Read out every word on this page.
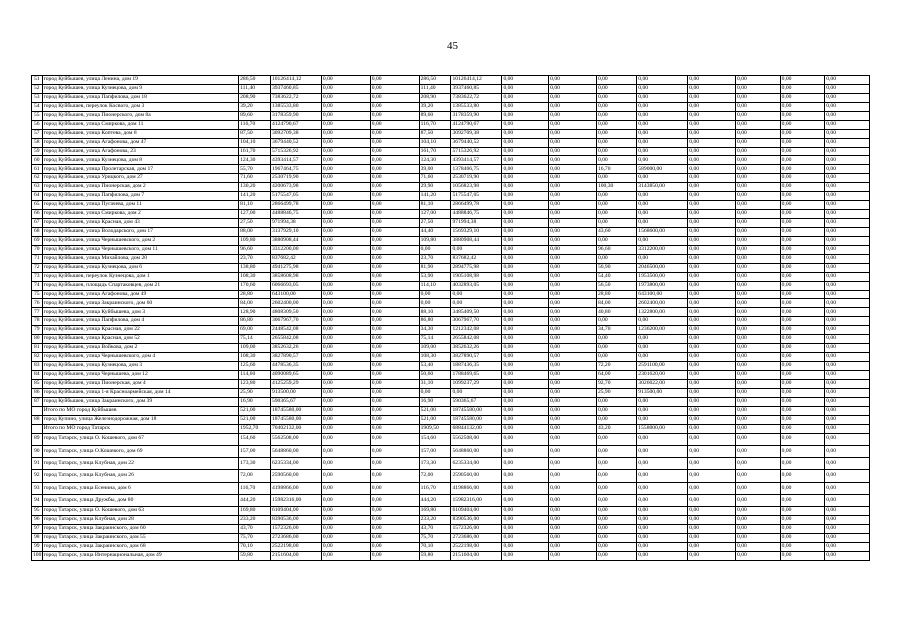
45
51	город Куйбышев, улица Ленина, дом 19	286,50	10126414,12	0,00	0,00	286,50	10126414,12	0,00	0,00	0,00	0,00	0,00	0,00	0,00	0,00
52	город Куйбышев, улица Кузнецова, дом 9	111,40	3937460,85	0,00	0,00	111,40	3937460,85	0,00	0,00	0,00	0,00	0,00	0,00	0,00	0,00
53	город Куйбышев, улица Папфилова, дом 18	208,90	7383622,72	0,00	0,00	208,90	7383622,72	0,00	0,00	0,00	0,00	0,00	0,00	0,00	0,00
54	город Куйбышев, переулок Косвого, дом 3	39,20	1385533,80	0,00	0,00	39,20	1385533,80	0,00	0,00	0,00	0,00	0,00	0,00	0,00	0,00
55	город Куйбышев, улица Пионерского, дом 8а	89,60	3178359,90	0,00	0,00	89,60	3178359,90	0,00	0,00	0,00	0,00	0,00	0,00	0,00	0,00
56	город Куйбышев, улица Смиркова, дом 11	116,70	4124790,67	0,00	0,00	116,70	4124790,67	0,00	0,00	0,00	0,00	0,00	0,00	0,00	0,00
57	город Куйбышев, улица Коптева, дом 8	87,50	3092709,38	0,00	0,00	87,50	3092709,38	0,00	0,00	0,00	0,00	0,00	0,00	0,00	0,00
58	город Куйбышев, улица Агафонова, дом 47	104,10	3679440,52	0,00	0,00	104,10	3679440,52	0,00	0,00	0,00	0,00	0,00	0,00	0,00	0,00
59	город Куйбышев, улица Агафонова, 23	161,70	5715326,92	0,00	0,00	161,70	5715326,92	0,00	0,00	0,00	0,00	0,00	0,00	0,00	0,00
60	город Куйбышев, улица Кузнецова, дом 8	124,30	4393414,57	0,00	0,00	124,30	4393414,57	0,00	0,00	0,00	0,00	0,00	0,00	0,00	0,00
61	город Куйбышев, улица Пролетарская, дом 17	55,70	1967464,75	0,00	0,00	39,00	1378466,75	0,00	0,00	16,70	589000,00	0,00	0,00	0,00	0,00
62	город Куйбышев, улица Урицкого, дом 27	71,60	2530719,90	0,00	0,00	71,60	2530719,90	0,00	0,00	0,00	0,00	0,00	0,00	0,00	0,00
63	город Куйбышев, улица Пионерская, дом 2	130,20	4200673,98	0,00	0,00	29,90	1056823,98	0,00	0,00	100,30	3143850,00	0,00	0,00	0,00	0,00
64	город Куйбышев, улица Папфилова, дом 7	141,20	5175547,05	0,00	0,00	141,20	5175547,05	0,00	0,00	0,00	0,00	0,00	0,00	0,00	0,00
65	город Куйбышев, улица Пугачева, дом 11	81,10	2866499,78	0,00	0,00	81,10	2866499,78	0,00	0,00	0,00	0,00	0,00	0,00	0,00	0,00
66	город Куйбышев, улица Смиркова, дом 2	127,00	4488846,75	0,00	0,00	127,00	4488846,75	0,00	0,00	0,00	0,00	0,00	0,00	0,00	0,00
67	город Куйбышев, улица Красная, дом 43	27,50	971994,38	0,00	0,00	27,50	971994,38	0,00	0,00	0,00	0,00	0,00	0,00	0,00	0,00
68	город Куйбышев, улица Володарского, дом 17	88,00	3137929,10	0,00	0,00	44,40	1569329,10	0,00	0,00	43,60	1568600,00	0,00	0,00	0,00	0,00
69	город Куйбышев, улица Чернышевского, дом 2	109,80	3880908,44	0,00	0,00	109,80	3880908,44	0,00	0,00	0,00	0,00	0,00	0,00	0,00	0,00
70	город Куйбышев, улица Чернышевского, дом 11	96,60	3312200,00	0,00	0,00	0,00	0,00	0,00	0,00	96,60	3312200,00	0,00	0,00	0,00	0,00
71	город Куйбышев, улица Михайлова, дом 20	23,70	837682,42	0,00	0,00	23,70	837682,42	0,00	0,00	0,00	0,00	0,00	0,00	0,00	0,00
72	город Куйбышев, улица Кузнецова, дом 6	138,80	4941275,98	0,00	0,00	81,90	2894775,98	0,00	0,00	56,90	2046500,00	0,00	0,00	0,00	0,00
73	город Куйбышев, переулок Кузнецова, дом 1	108,30	3858608,98	0,00	0,00	53,90	1905108,98	0,00	0,00	54,40	1953500,00	0,00	0,00	0,00	0,00
74	город Куйбышев, площадь Спартаковцев, дом 21	170,60	6066693,05	0,00	0,00	114,10	4032893,05	0,00	0,00	56,50	1973800,00	0,00	0,00	0,00	0,00
75	город Куйбышев, улица Агафонова, дом 49	28,80	643100,00	0,00	0,00	0,00	0,00	0,00	0,00	28,80	643100,00	0,00	0,00	0,00	0,00
76	город Куйбышев, улица Закраинского, дом 60	84,00	2602400,00	0,00	0,00	0,00	0,00	0,00	0,00	84,00	2602400,00	0,00	0,00	0,00	0,00
77	город Куйбышев, улица Куйбышева, дом 3	128,90	4808309,50	0,00	0,00	88,10	3485409,50	0,00	0,00	40,80	1322800,00	0,00	0,00	0,00	0,00
78	город Куйбышев, улица Папфилова, дом 4	86,80	3067967,70	0,00	0,00	86,80	3067967,70	0,00	0,00	0,00	0,00	0,00	0,00	0,00	0,00
79	город Куйбышев, улица Красная, дом 22	69,00	2448542,08	0,00	0,00	34,30	1212342,08	0,00	0,00	34,70	1236200,00	0,00	0,00	0,00	0,00
80	город Куйбышев, улица Красная, дом 52	75,14	2655842,08	0,00	0,00	75,14	2655842,08	0,00	0,00	0,00	0,00	0,00	0,00	0,00	0,00
81	город Куйбышев, улица Войкова, дом 2	109,00	3852632,26	0,00	0,00	109,00	3852632,26	0,00	0,00	0,00	0,00	0,00	0,00	0,00	0,00
82	город Куйбышев, улица Чернышевского, дом 4	108,30	3827890,57	0,00	0,00	108,30	3827890,57	0,00	0,00	0,00	0,00	0,00	0,00	0,00	0,00
83	город Куйбышев, улица Кузнецова, дом 3	125,60	4478536,35	0,00	0,00	53,40	1887436,35	0,00	0,00	72,20	2591100,00	0,00	0,00	0,00	0,00
84	город Куйбышев, улица Чернышева, дом 12	114,60	4090089,65	0,00	0,00	50,60	1788469,65	0,00	0,00	64,00	2301620,00	0,00	0,00	0,00	0,00
85	город Куйбышев, улица Пионерская, дом 4	123,80	4125259,29	0,00	0,00	31,10	1099237,29	0,00	0,00	92,70	3026022,00	0,00	0,00	0,00	0,00
86	город Куйбышев, улица 1-я Красноармейская, дом 14	25,90	913500,00	0,00	0,00	0,00	0,00	0,00	0,00	25,90	913500,00	0,00	0,00	0,00	0,00
87	город Куйбышев, улица Закраинского, дом 39	16,90	590365,67	0,00	0,00	16,90	590365,67	0,00	0,00	0,00	0,00	0,00	0,00	0,00	0,00
	Итого по МО город Куйбышев	521,00	18745580,00	0,00	0,00	521,00	18745580,00	0,00	0,00	0,00	0,00	0,00	0,00	0,00	0,00
88	город Купино, улица Железнодорожная, дом 18	521,00	18745580,00	0,00	0,00	521,00	18745580,00	0,00	0,00	0,00	0,00	0,00	0,00	0,00	0,00
	Итого по МО город Татарск	1952,70	70402132,00	0,00	0,00	1909,50	68844132,00	0,00	0,00	43,20	1558000,00	0,00	0,00	0,00	0,00
89	город Татарск, улица О. Кошевого, дом 67	154,60	5562508,00	0,00	0,00	154,60	5562508,00	0,00	0,00	0,00	0,00	0,00	0,00	0,00	0,00
90	город Татарск, улица О.Кошевого, дом 69	157,00	5648860,00	0,00	0,00	157,00	5648860,00	0,00	0,00	0,00	0,00	0,00	0,00	0,00	0,00
91	город Татарск, улица Клубная, дом 22	173,30	6235334,00	0,00	0,00	173,30	6235334,00	0,00	0,00	0,00	0,00	0,00	0,00	0,00	0,00
92	город Татарск, улица Клубная, дом 26	72,00	2590560,00	0,00	0,00	72,00	2590560,00	0,00	0,00	0,00	0,00	0,00	0,00	0,00	0,00
93	город Татарск, улица Есенина, дом 6	116,70	4198866,00	0,00	0,00	116,70	4198866,00	0,00	0,00	0,00	0,00	0,00	0,00	0,00	0,00
94	город Татарск, улица Дружбы, дом 80	444,20	15982316,00	0,00	0,00	444,20	15982316,00	0,00	0,00	0,00	0,00	0,00	0,00	0,00	0,00
95	город Татарск, улица О. Кошевого, дом 63	169,80	6109404,00	0,00	0,00	169,80	6109404,00	0,00	0,00	0,00	0,00	0,00	0,00	0,00	0,00
96	город Татарск, улица Клубная, дом 28	233,20	8390536,00	0,00	0,00	233,20	8390536,00	0,00	0,00	0,00	0,00	0,00	0,00	0,00	0,00
97	город Татарск, улица Закраинского, дом 60	43,70	1572326,00	0,00	0,00	43,70	1572326,00	0,00	0,00	0,00	0,00	0,00	0,00	0,00	0,00
98	город Татарск, улица Закраинского, дом 55	75,70	2723686,00	0,00	0,00	75,70	2723686,00	0,00	0,00	0,00	0,00	0,00	0,00	0,00	0,00
99	город Татарск, улица Закраинского, дом 68	70,10	2522198,00	0,00	0,00	70,10	2522198,00	0,00	0,00	0,00	0,00	0,00	0,00	0,00	0,00
100	город Татарск, улица Интернациональная, дом 49	59,80	2151604,00	0,00	0,00	59,80	2151604,00	0,00	0,00	0,00	0,00	0,00	0,00	0,00	0,00
